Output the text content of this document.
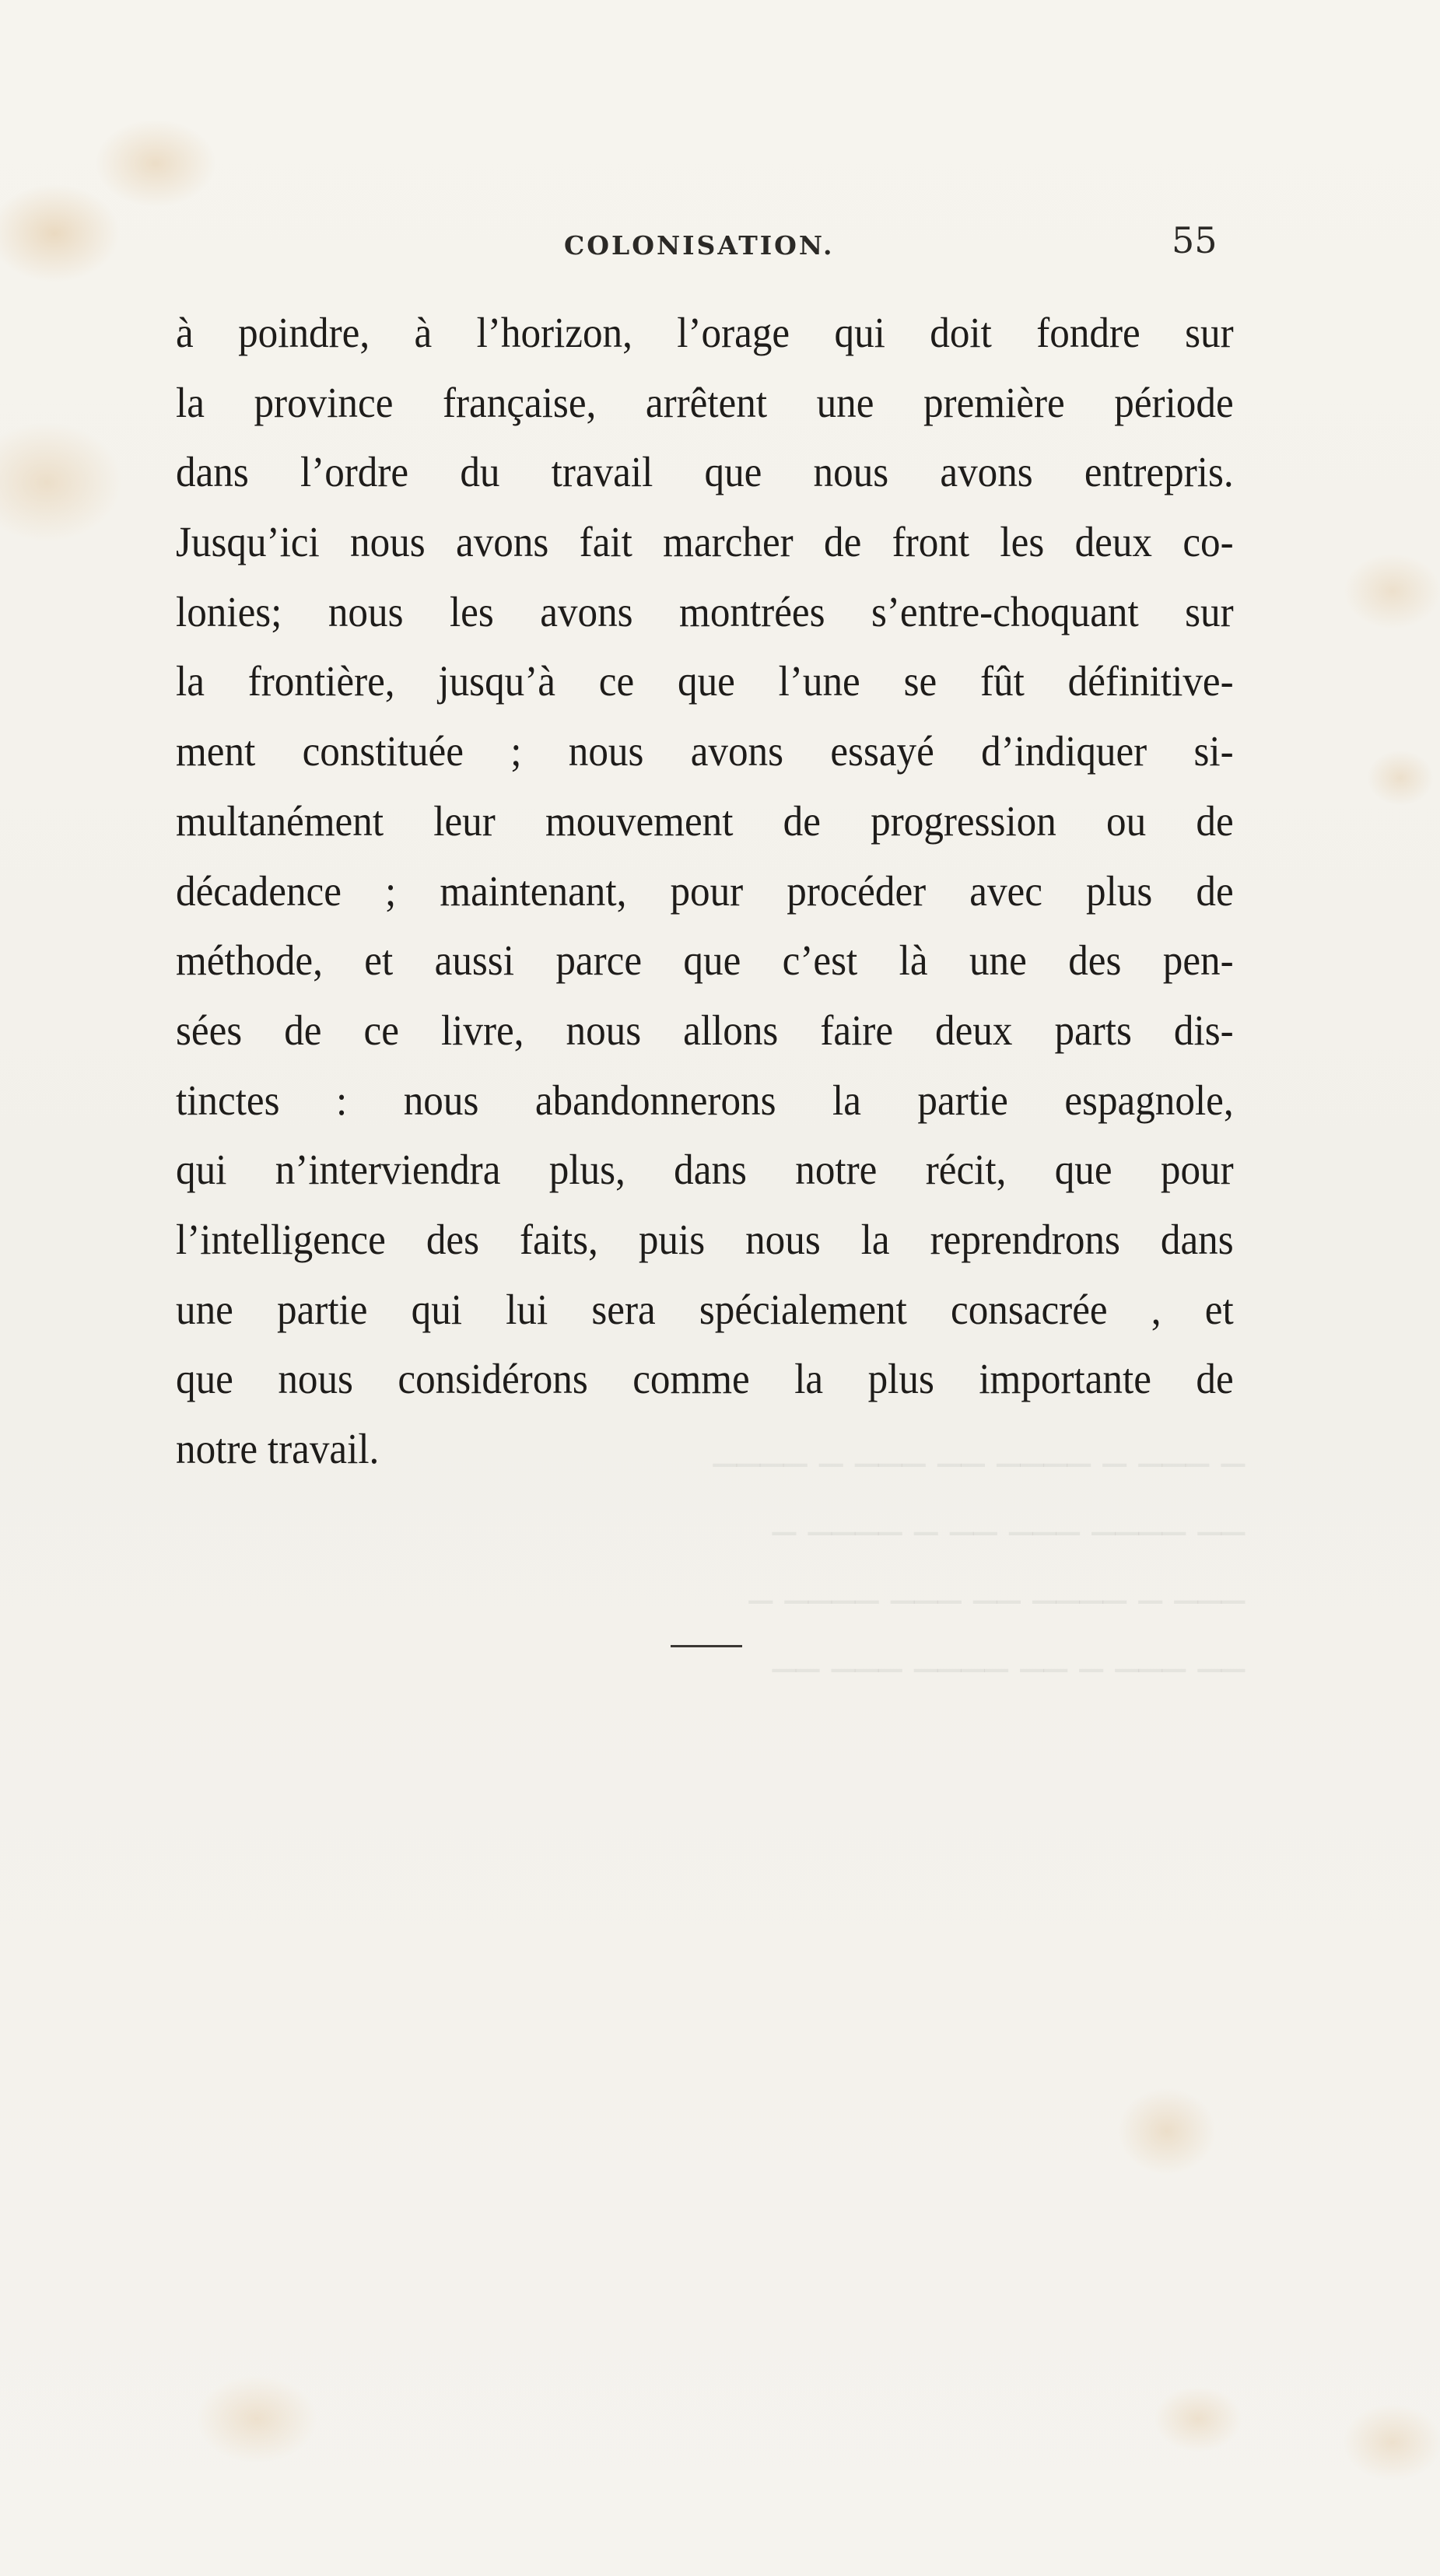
─ ─── ─ ──── ── ─── ─ ────
── ──── ─── ── ─ ──── ─
─── ─ ──── ── ─── ──── ─
── ─── ─ ── ──── ─── ──
COLONISATION.	55
à poindre, à l’horizon, l’orage qui doit fondre sur
la province française, arrêtent une première période
dans l’ordre du travail que nous avons entrepris.
Jusqu’ici nous avons fait marcher de front les deux co-
lonies; nous les avons montrées s’entre-choquant sur
la frontière, jusqu’à ce que l’une se fût définitive-
ment constituée ; nous avons essayé d’indiquer si-
multanément leur mouvement de progression ou de
décadence ; maintenant, pour procéder avec plus de
méthode, et aussi parce que c’est là une des pen-
sées de ce livre, nous allons faire deux parts dis-
tinctes : nous abandonnerons la partie espagnole,
qui n’interviendra plus, dans notre récit, que pour
l’intelligence des faits, puis nous la reprendrons dans
une partie qui lui sera spécialement consacrée , et
que nous considérons comme la plus importante de
notre travail.
